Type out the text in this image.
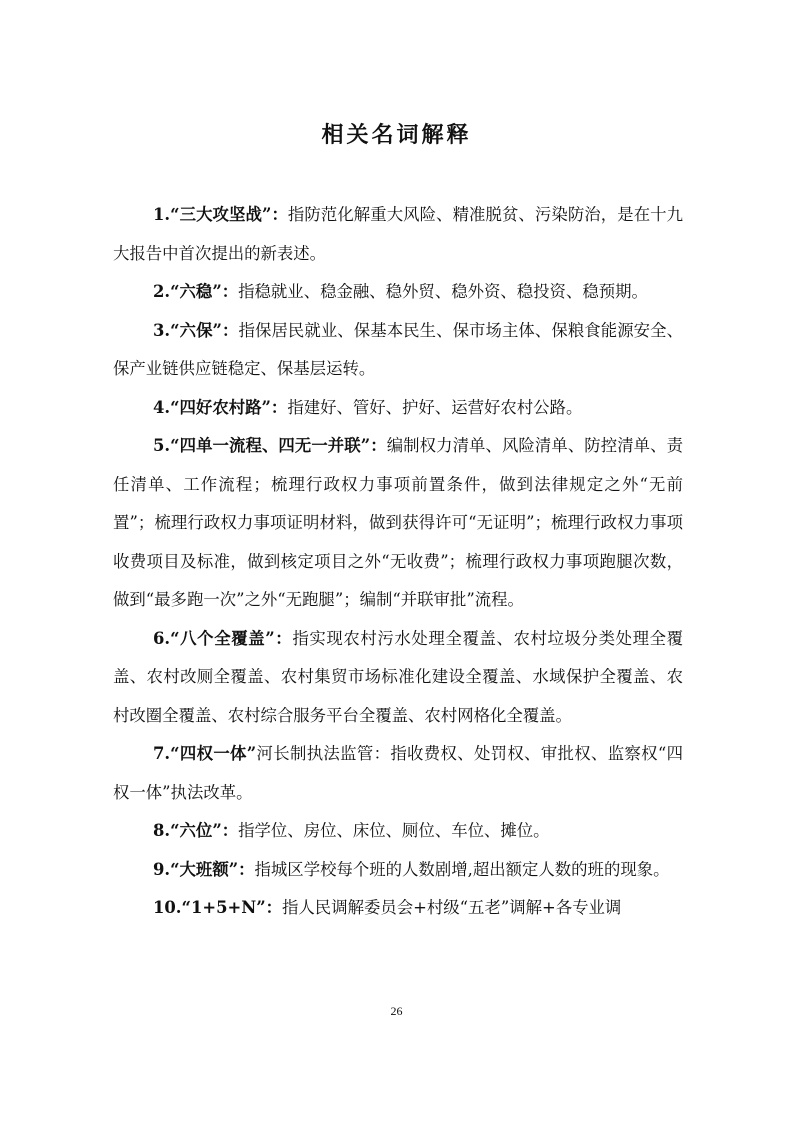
相关名词解释

1.“三大攻坚战”：指防范化解重大风险、精准脱贫、污染防治，是在十九大报告中首次提出的新表述。

2.“六稳”：指稳就业、稳金融、稳外贸、稳外资、稳投资、稳预期。

3.“六保”：指保居民就业、保基本民生、保市场主体、保粮食能源安全、保产业链供应链稳定、保基层运转。

4.“四好农村路”：指建好、管好、护好、运营好农村公路。

5.“四单一流程、四无一并联”：编制权力清单、风险清单、防控清单、责任清单、工作流程；梳理行政权力事项前置条件，做到法律规定之外“无前置”；梳理行政权力事项证明材料，做到获得许可“无证明”；梳理行政权力事项收费项目及标准，做到核定项目之外“无收费”；梳理行政权力事项跑腿次数，做到“最多跑一次”之外“无跑腿”；编制“并联审批”流程。

6.“八个全覆盖”：指实现农村污水处理全覆盖、农村垃圾分类处理全覆盖、农村改厕全覆盖、农村集贸市场标准化建设全覆盖、水域保护全覆盖、农村改圈全覆盖、农村综合服务平台全覆盖、农村网格化全覆盖。

7.“四权一体”河长制执法监管：指收费权、处罚权、审批权、监察权“四权一体”执法改革。

8.“六位”：指学位、房位、床位、厕位、车位、摊位。

9.“大班额”：指城区学校每个班的人数剧增,超出额定人数的班的现象。

10.“1+5+N”：指人民调解委员会+村级“五老”调解+各专业调

26
